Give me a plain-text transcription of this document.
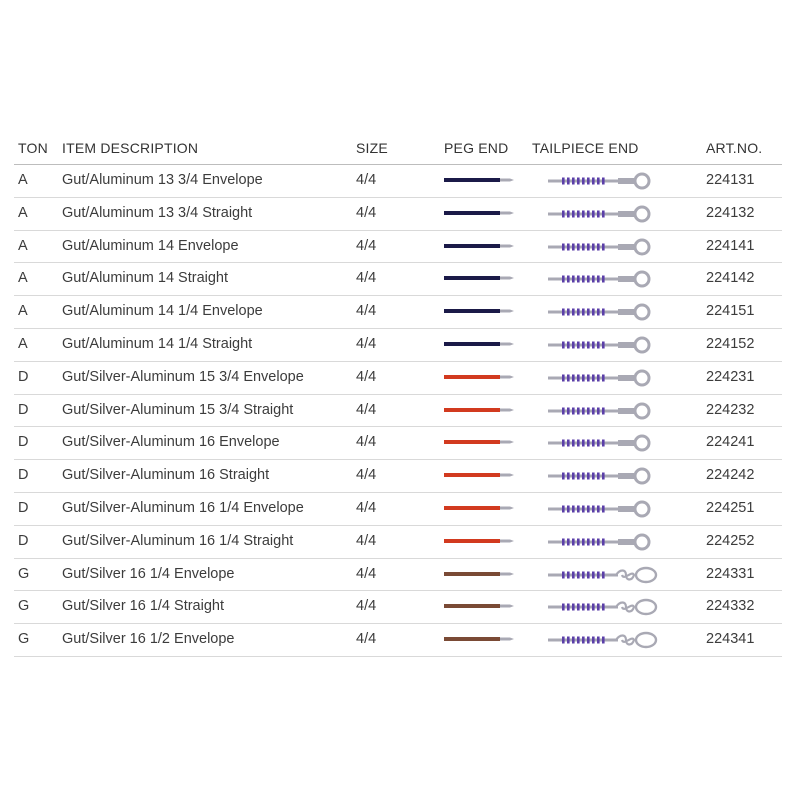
TON ITEM DESCRIPTION	SIZE	PEG END TAILPIECE END	ART.NO.
A Gut/Aluminum 13 3/4 Envelope	4/4	224131
A Gut/Aluminum 13 3/4 Straight	4/4	224132
A Gut/Aluminum 14 Envelope	4/4	224141
A Gut/Aluminum 14 Straight	4/4	224142
A Gut/Aluminum 14 1/4 Envelope	4/4	224151
A Gut/Aluminum 14 1/4 Straight	4/4	224152
D Gut/Silver-Aluminum 15 3/4 Envelope	4/4	224231
D Gut/Silver-Aluminum 15 3/4 Straight	4/4	224232
D Gut/Silver-Aluminum 16 Envelope	4/4	224241
D Gut/Silver-Aluminum 16 Straight	4/4	224242
D Gut/Silver-Aluminum 16 1/4 Envelope	4/4	224251
D Gut/Silver-Aluminum 16 1/4 Straight	4/4	224252
G Gut/Silver 16 1/4 Envelope	4/4	224331
G Gut/Silver 16 1/4 Straight	4/4	224332
G Gut/Silver 16 1/2 Envelope	4/4	224341
